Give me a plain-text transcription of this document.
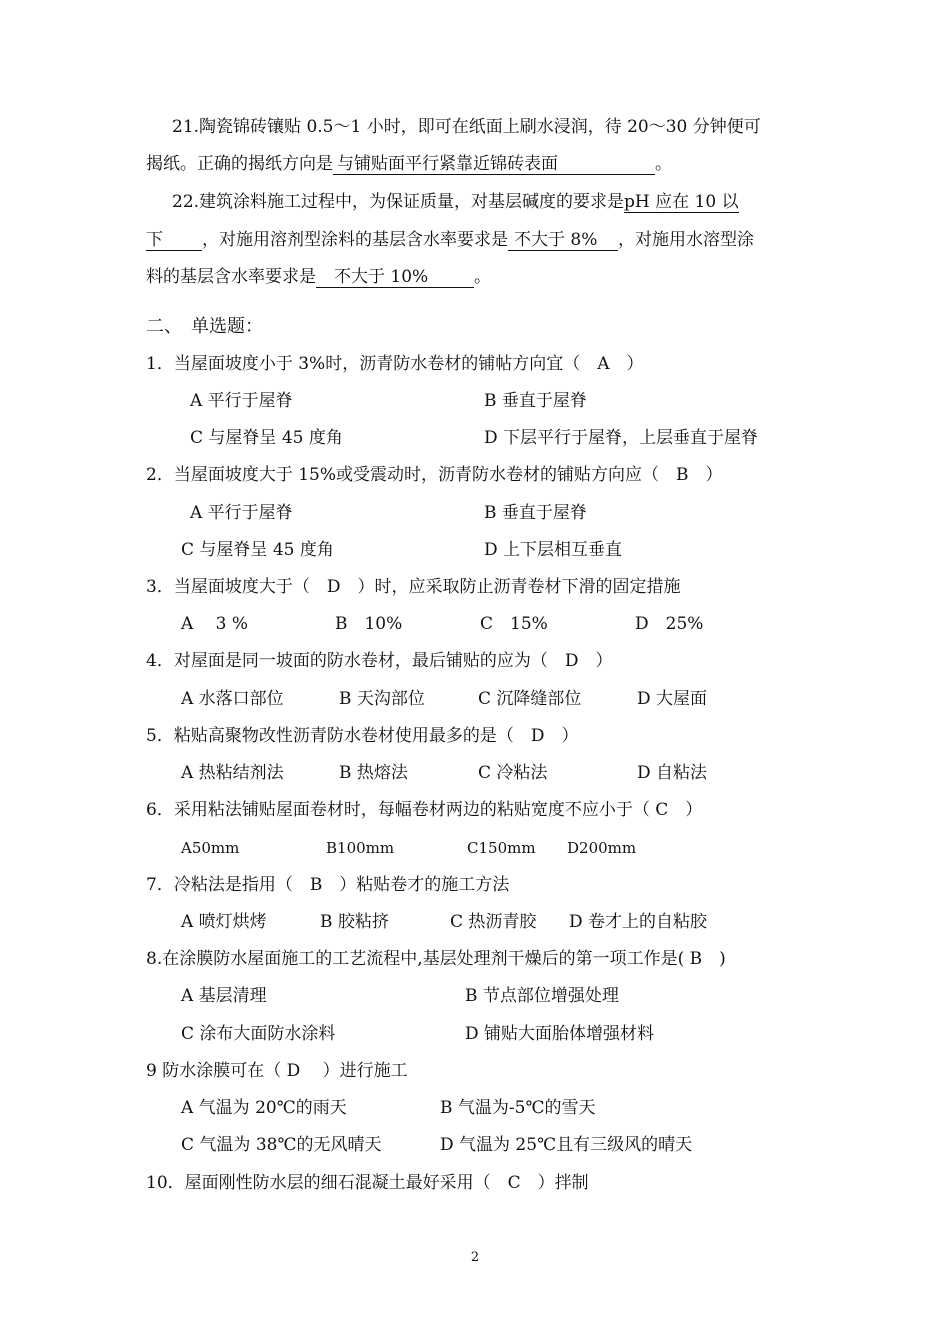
21.陶瓷锦砖镶贴 0.5～1 小时，即可在纸面上刷水浸润，待 20～30 分钟便可
揭纸。正确的揭纸方向是 与铺贴面平行紧靠近锦砖表面	。
22.建筑涂料施工过程中，为保证质量，对基层碱度的要求是pH 应在 10 以
下 ，对施用溶剂型涂料的基层含水率要求是 不大于 8% ，对施用水溶型涂
料的基层含水率要求是 不大于 10%	。
二、　单选题：
1．当屋面坡度小于 3%时，沥青防水卷材的铺帖方向宜（　A　）
A 平行于屋脊	B 垂直于屋脊
C 与屋脊呈 45 度角	D 下层平行于屋脊，上层垂直于屋脊
2．当屋面坡度大于 15%或受震动时，沥青防水卷材的铺贴方向应（　B　）
A 平行于屋脊	B 垂直于屋脊
C 与屋脊呈 45 度角	D 上下层相互垂直
3．当屋面坡度大于（　D　）时，应采取防止沥青卷材下滑的固定措施
A　 3 %	B　10%	C　15%	D　25%
4．对屋面是同一坡面的防水卷材，最后铺贴的应为（　D　）
A 水落口部位	B 天沟部位	C 沉降缝部位	D 大屋面
5．粘贴高聚物改性沥青防水卷材使用最多的是（　D　）
A 热粘结剂法	B 热熔法	C 冷粘法	D 自粘法
6．采用粘法铺贴屋面卷材时，每幅卷材两边的粘贴宽度不应小于（ C　）
A50mm	B100mm	C150mm D200mm
7．冷粘法是指用（　B　）粘贴卷才的施工方法
A 喷灯烘烤	B 胶粘挤	C 热沥青胶 D 卷才上的自粘胶
8.在涂膜防水屋面施工的工艺流程中,基层处理剂干燥后的第一项工作是( B　)
A 基层清理	B 节点部位增强处理
C 涂布大面防水涂料	D 铺贴大面胎体增强材料
9 防水涂膜可在（ D　 ）进行施工
A 气温为 20℃的雨天	B 气温为-5℃的雪天
C 气温为 38℃的无风晴天	D 气温为 25℃且有三级风的晴天
10．屋面刚性防水层的细石混凝土最好采用（　C　）拌制
2
